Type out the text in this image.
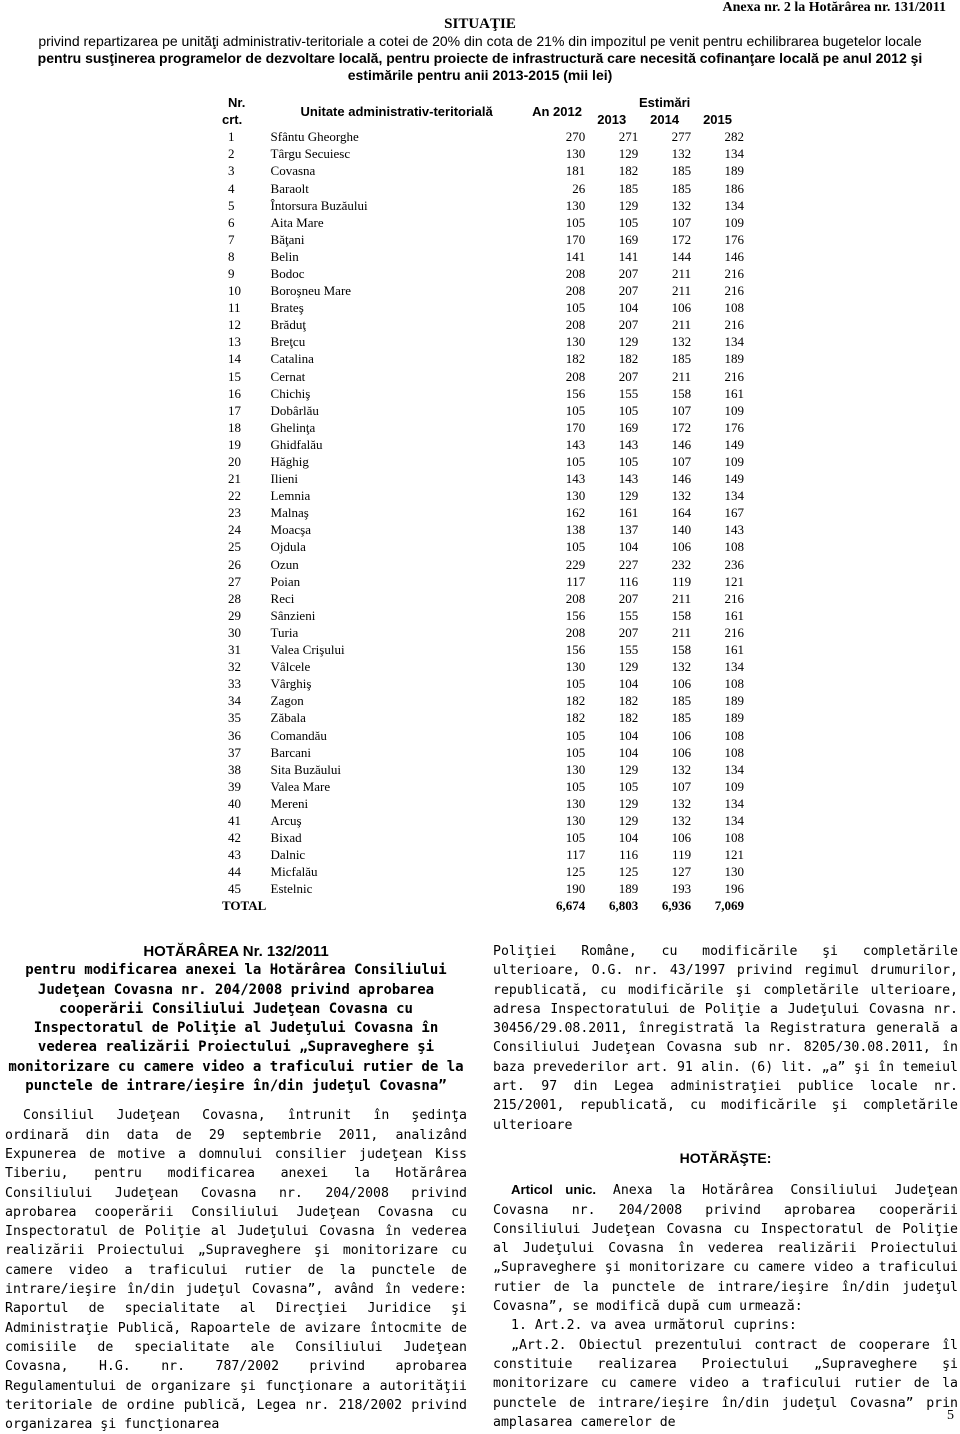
Anexa nr. 2 la Hotărârea nr. 131/2011
SITUAŢIE
privind repartizarea pe unităţi administrativ-teritoriale a cotei de 20% din cota de 21% din impozitul pe venit pentru echilibrarea bugetelor locale
pentru susţinerea programelor de dezvoltare locală, pentru proiecte de infrastructură care necesită cofinanţare locală pe anul 2012 şi
estimările pentru anii 2013-2015 (mii lei)
Nr.	Unitate administrativ-teritorială	An 2012	Estimări		
crt.			2013	2014	2015
1	Sfântu Gheorghe	270	271	277	282
2	Târgu Secuiesc	130	129	132	134
3	Covasna	181	182	185	189
4	Baraolt	26	185	185	186
5	Întorsura Buzăului	130	129	132	134
6	Aita Mare	105	105	107	109
7	Băţani	170	169	172	176
8	Belin	141	141	144	146
9	Bodoc	208	207	211	216
10	Boroşneu Mare	208	207	211	216
11	Brateş	105	104	106	108
12	Brăduţ	208	207	211	216
13	Breţcu	130	129	132	134
14	Catalina	182	182	185	189
15	Cernat	208	207	211	216
16	Chichiş	156	155	158	161
17	Dobârlău	105	105	107	109
18	Ghelinţa	170	169	172	176
19	Ghidfalău	143	143	146	149
20	Hăghig	105	105	107	109
21	Ilieni	143	143	146	149
22	Lemnia	130	129	132	134
23	Malnaş	162	161	164	167
24	Moacşa	138	137	140	143
25	Ojdula	105	104	106	108
26	Ozun	229	227	232	236
27	Poian	117	116	119	121
28	Reci	208	207	211	216
29	Sânzieni	156	155	158	161
30	Turia	208	207	211	216
31	Valea Crişului	156	155	158	161
32	Vâlcele	130	129	132	134
33	Vârghiş	105	104	106	108
34	Zagon	182	182	185	189
35	Zăbala	182	182	185	189
36	Comandău	105	104	106	108
37	Barcani	105	104	106	108
38	Sita Buzăului	130	129	132	134
39	Valea Mare	105	105	107	109
40	Mereni	130	129	132	134
41	Arcuş	130	129	132	134
42	Bixad	105	104	106	108
43	Dalnic	117	116	119	121
44	Micfalău	125	125	127	130
45	Estelnic	190	189	193	196
TOTAL		6,674	6,803	6,936	7,069
HOTĂRÂREA Nr. 132/2011
pentru modificarea anexei la Hotărârea Consiliului Judeţean Covasna nr. 204/2008 privind aprobarea cooperării Consiliului Judeţean Covasna cu Inspectoratul de Poliţie al Judeţului Covasna în vederea realizării Proiectului „Supraveghere şi monitorizare cu camere video a traficului rutier de la punctele de intrare/ieşire în/din judeţul Covasna”

Consiliul Judeţean Covasna, întrunit în şedinţa ordinară din data de 29 septembrie 2011, analizând Expunerea de motive a domnului consilier judeţean Kiss Tiberiu, pentru modificarea anexei la Hotărârea Consiliului Judeţean Covasna nr. 204/2008 privind aprobarea cooperării Consiliului Judeţean Covasna cu Inspectoratul de Poliţie al Judeţului Covasna în vederea realizării Proiectului „Supraveghere şi monitorizare cu camere video a traficului rutier de la punctele de intrare/ieşire în/din judeţul Covasna”, având în vedere: Raportul de specialitate al Direcţiei Juridice şi Administraţie Publică, Rapoartele de avizare întocmite de comisiile de specialitate ale Consiliului Judeţean Covasna, H.G. nr. 787/2002 privind aprobarea Regulamentului de organizare şi funcţionare a autorităţii teritoriale de ordine publică, Legea nr. 218/2002 privind organizarea şi funcţionarea

Poliţiei Române, cu modificările şi completările ulterioare, O.G. nr. 43/1997 privind regimul drumurilor, republicată, cu modificările şi completările ulterioare, adresa Inspectoratului de Poliţie a Judeţului Covasna nr. 30456/29.08.2011, înregistrată la Registratura generală a Consiliului Judeţean Covasna sub nr. 8205/30.08.2011, în baza prevederilor art. 91 alin. (6) lit. „a” şi în temeiul art. 97 din Legea administraţiei publice locale nr. 215/2001, republicată, cu modificările şi completările ulterioare

HOTĂRĂŞTE:

Articol unic. Anexa la Hotărârea Consiliului Judeţean Covasna nr. 204/2008 privind aprobarea cooperării Consiliului Judeţean Covasna cu Inspectoratul de Poliţie al Judeţului Covasna în vederea realizării Proiectului „Supraveghere şi monitorizare cu camere video a traficului rutier de la punctele de intrare/ieşire în/din judeţul Covasna”, se modifică după cum urmează:

1. Art.2. va avea următorul cuprins:

„Art.2. Obiectul prezentului contract de cooperare îl constituie realizarea Proiectului „Supraveghere şi monitorizare cu camere video a traficului rutier de la punctele de intrare/ieşire în/din judeţul Covasna” prin amplasarea camerelor de	5
